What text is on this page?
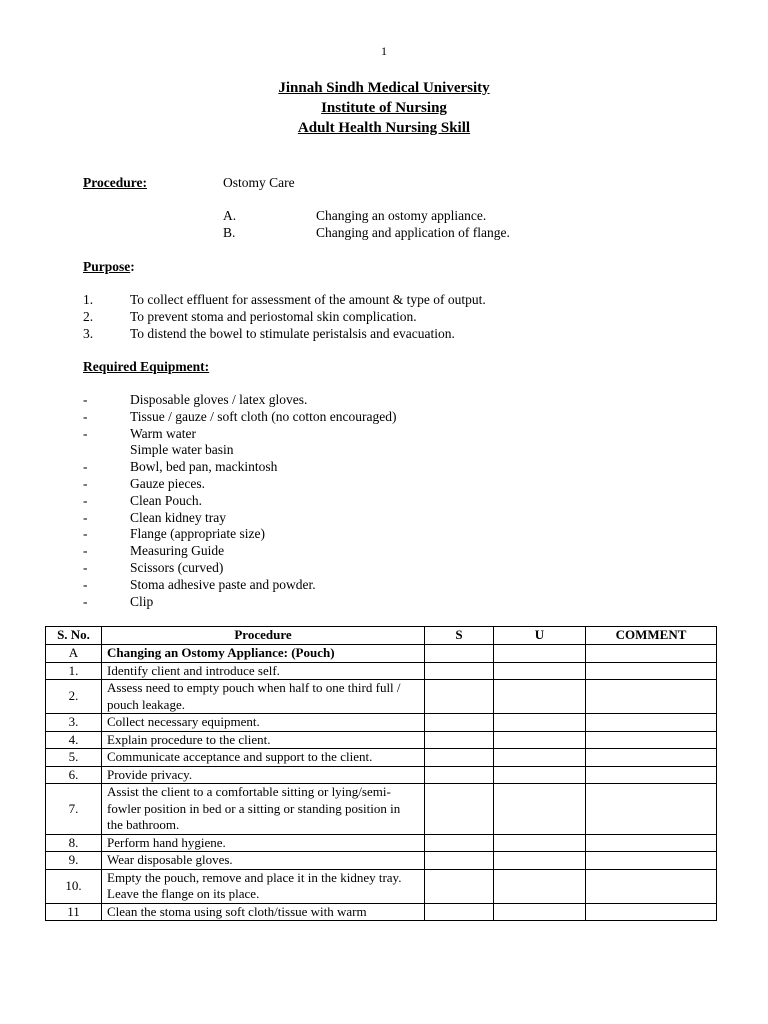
1
Jinnah Sindh Medical University
Institute of Nursing
Adult Health Nursing Skill
Procedure:	Ostomy Care
A.	Changing an ostomy appliance.
B.	Changing and application of flange.
Purpose:
1.	To collect effluent for assessment of the amount & type of output.
2.	To prevent stoma and periostomal skin complication.
3.	To distend the bowel to stimulate peristalsis and evacuation.
Required Equipment:
-	Disposable gloves / latex gloves.
-	Tissue / gauze / soft cloth (no cotton encouraged)
-	Warm water
Simple water basin
-	Bowl, bed pan, mackintosh
-	Gauze pieces.
-	Clean Pouch.
-	Clean kidney tray
-	Flange (appropriate size)
-	Measuring Guide
-	Scissors (curved)
-	Stoma adhesive paste and powder.
-	Clip
S. No.	Procedure	S	U	COMMENT
A	Changing an Ostomy Appliance: (Pouch)			
1.	Identify client and introduce self.			
2.	Assess need to empty pouch when half to one third full / pouch leakage.			
3.	Collect necessary equipment.			
4.	Explain procedure to the client.			
5.	Communicate acceptance and support to the client.			
6.	Provide privacy.			
7.	Assist the client to a comfortable sitting or lying/semi-fowler position in bed or a sitting or standing position in the bathroom.			
8.	Perform hand hygiene.			
9.	Wear disposable gloves.			
10.	Empty the pouch, remove and place it in the kidney tray. Leave the flange on its place.			
11	Clean the stoma using soft cloth/tissue with warm			
